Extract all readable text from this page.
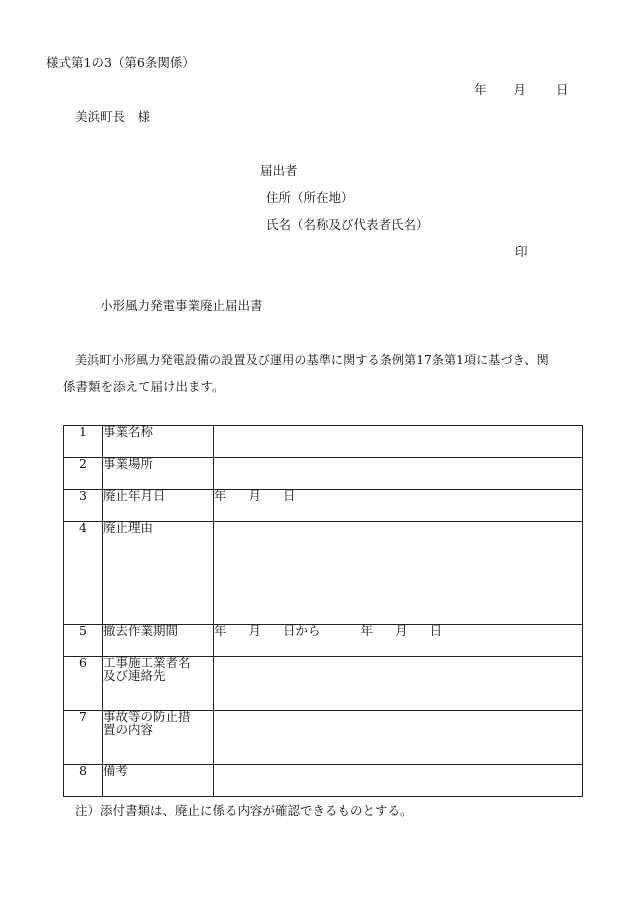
様式第1の3（第6条関係）
年 月 日
美浜町長　様
届出者
住所（所在地）
氏名（名称及び代表者氏名）
印
小形風力発電事業廃止届出書
美浜町小形風力発電設備の設置及び運用の基準に関する条例第17条第1項に基づき、関
係書類を添えて届け出ます。
1	事業名称	
2	事業場所	
3	廃止年月日	年 月 日
4	廃止理由	
5	撤去作業期間	年 月 日から 年 月 日
6	工事施工業者名
及び連絡先	
7	事故等の防止措
置の内容	
8	備考	
注）添付書類は、廃止に係る内容が確認できるものとする。
